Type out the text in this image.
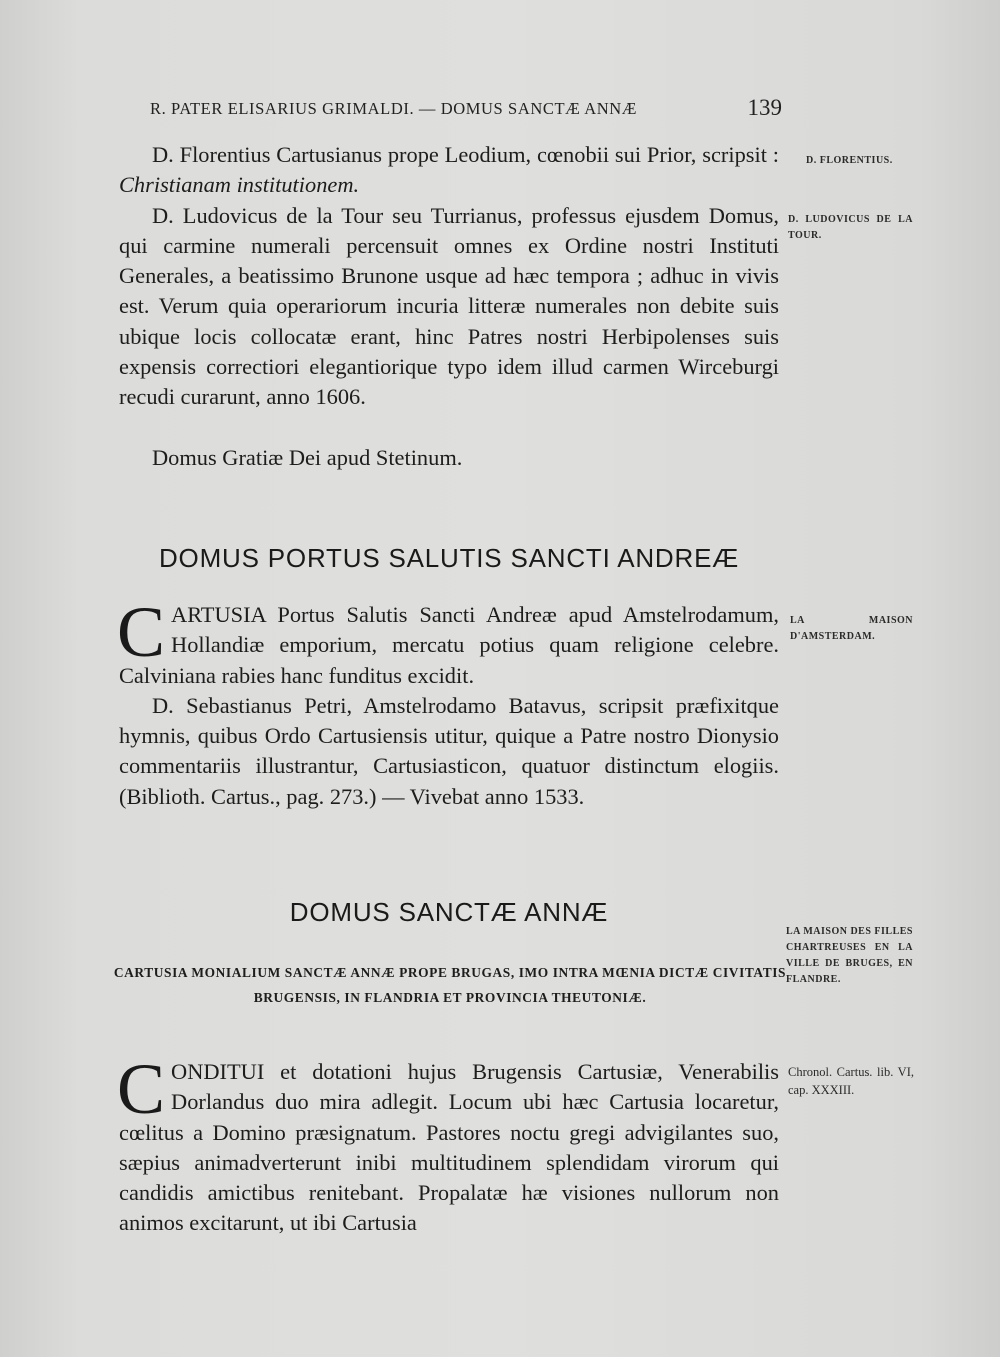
R. PATER ELISARIUS GRIMALDI. — DOMUS SANCTÆ ANNÆ	139

D. Florentius Cartusianus prope Leodium, cœnobii sui Prior, scripsit : Christianam institutionem.

D. Ludovicus de la Tour seu Turrianus, professus ejusdem Domus, qui carmine numerali percensuit omnes ex Ordine nostri Instituti Generales, a beatissimo Brunone usque ad hæc tempora ; adhuc in vivis est. Verum quia operariorum incuria litteræ numerales non debite suis ubique locis collocatæ erant, hinc Patres nostri Herbipolenses suis expensis correctiori elegantiorique typo idem illud carmen Wirceburgi recudi curarunt, anno 1606.

Domus Gratiæ Dei apud Stetinum.

DOMUS PORTUS SALUTIS SANCTI ANDREÆ

CARTUSIA Portus Salutis Sancti Andreæ apud Amstelrodamum, Hollandiæ emporium, mercatu potius quam religione celebre. Calviniana rabies hanc funditus excidit.

D. Sebastianus Petri, Amstelrodamo Batavus, scripsit præfixitque hymnis, quibus Ordo Cartusiensis utitur, quique a Patre nostro Dionysio commentariis illustrantur, Cartusiasticon, quatuor distinctum elogiis. (Biblioth. Cartus., pag. 273.) — Vivebat anno 1533.

DOMUS SANCTÆ ANNÆ
CARTUSIA MONIALIUM SANCTÆ ANNÆ PROPE BRUGAS, IMO INTRA MŒNIA DICTÆ CIVITATIS BRUGENSIS, IN FLANDRIA ET PROVINCIA THEUTONIÆ.

CONDITUI et dotationi hujus Brugensis Cartusiæ, Venerabilis Dorlandus duo mira adlegit. Locum ubi hæc Cartusia locaretur, cœlitus a Domino præsignatum. Pastores noctu gregi advigilantes suo, sæpius animadverterunt inibi multitudinem splendidam virorum qui candidis amictibus renitebant. Propalatæ hæ visiones nullorum non animos excitarunt, ut ibi Cartusia

D. FLORENTIUS.
D. LUDOVICUS DE LA TOUR.
LA MAISON D'AMSTERDAM.
LA MAISON DES FILLES CHARTREUSES EN LA VILLE DE BRUGES, EN FLANDRE.
Chronol. Cartus. lib. VI, cap. XXXIII.
